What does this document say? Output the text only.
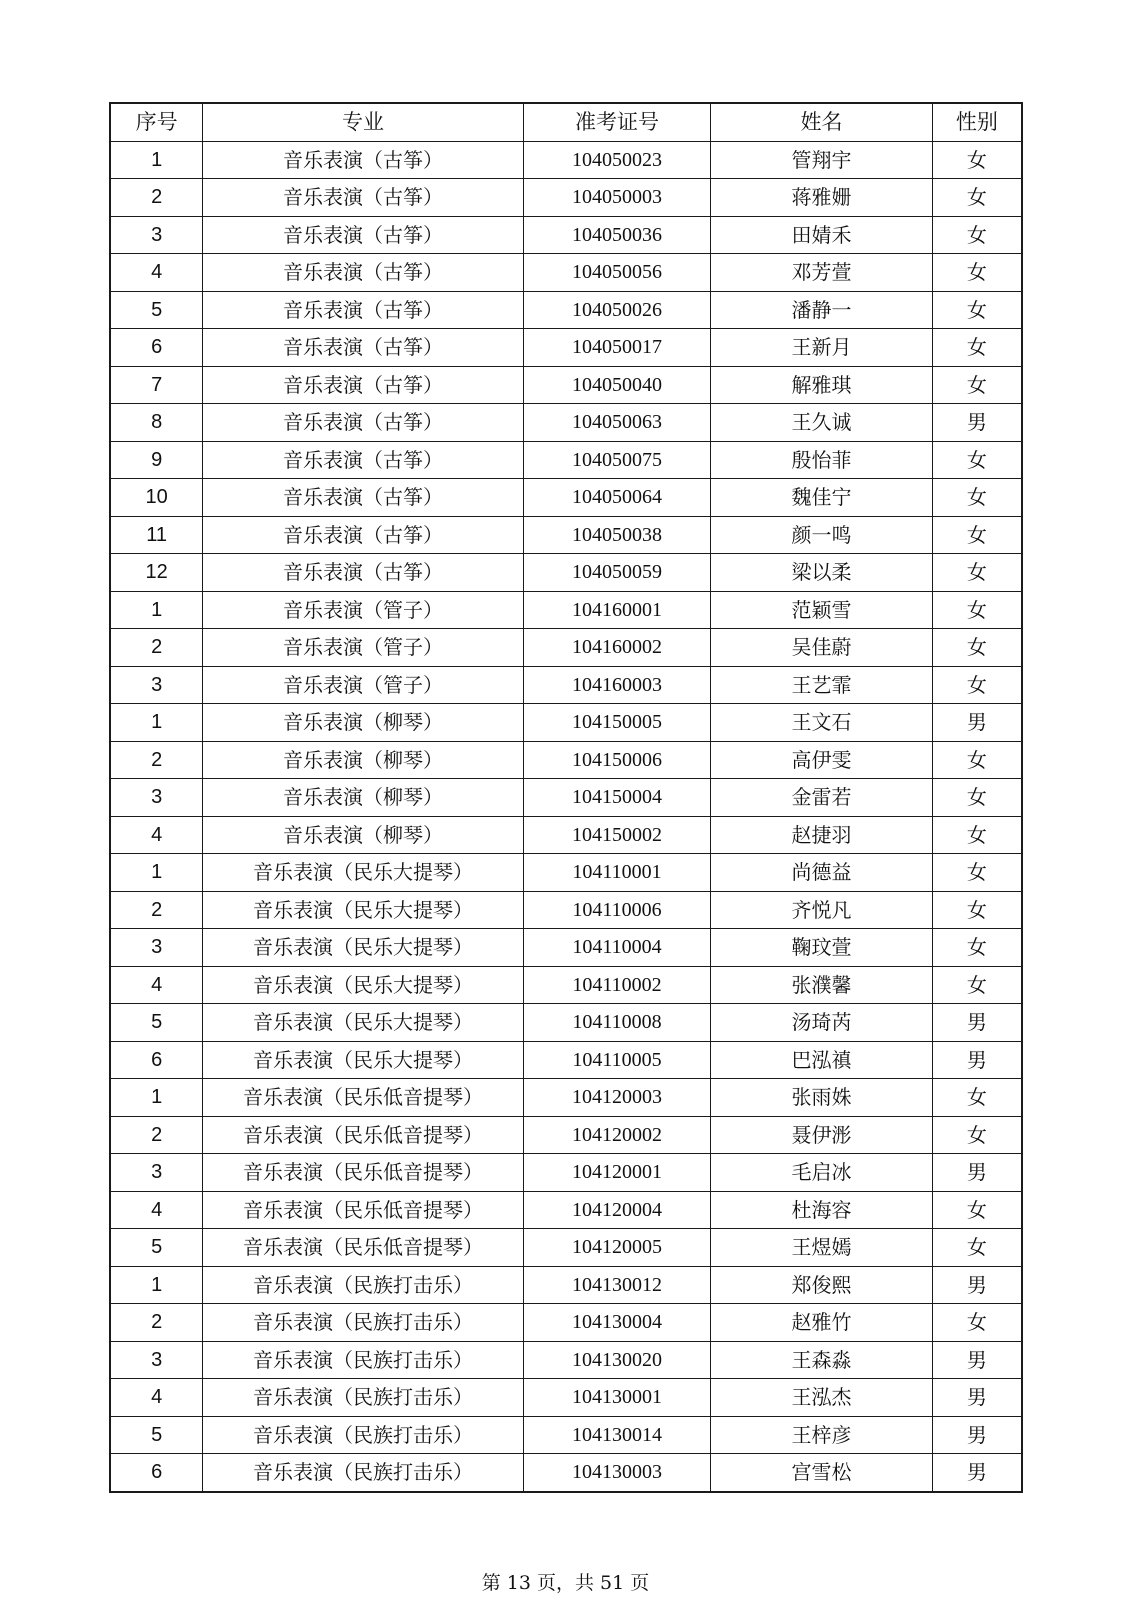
序号	专业	准考证号	姓名	性别
1	音乐表演（古筝）	104050023	管翔宇	女
2	音乐表演（古筝）	104050003	蒋雅姗	女
3	音乐表演（古筝）	104050036	田婧禾	女
4	音乐表演（古筝）	104050056	邓芳萱	女
5	音乐表演（古筝）	104050026	潘静一	女
6	音乐表演（古筝）	104050017	王新月	女
7	音乐表演（古筝）	104050040	解雅琪	女
8	音乐表演（古筝）	104050063	王久诚	男
9	音乐表演（古筝）	104050075	殷怡菲	女
10	音乐表演（古筝）	104050064	魏佳宁	女
11	音乐表演（古筝）	104050038	颜一鸣	女
12	音乐表演（古筝）	104050059	梁以柔	女
1	音乐表演（管子）	104160001	范颖雪	女
2	音乐表演（管子）	104160002	吴佳蔚	女
3	音乐表演（管子）	104160003	王艺霏	女
1	音乐表演（柳琴）	104150005	王文石	男
2	音乐表演（柳琴）	104150006	高伊雯	女
3	音乐表演（柳琴）	104150004	金雷若	女
4	音乐表演（柳琴）	104150002	赵捷羽	女
1	音乐表演（民乐大提琴）	104110001	尚德益	女
2	音乐表演（民乐大提琴）	104110006	齐悦凡	女
3	音乐表演（民乐大提琴）	104110004	鞠玟萱	女
4	音乐表演（民乐大提琴）	104110002	张濮馨	女
5	音乐表演（民乐大提琴）	104110008	汤琦芮	男
6	音乐表演（民乐大提琴）	104110005	巴泓禛	男
1	音乐表演（民乐低音提琴）	104120003	张雨姝	女
2	音乐表演（民乐低音提琴）	104120002	聂伊浵	女
3	音乐表演（民乐低音提琴）	104120001	毛启冰	男
4	音乐表演（民乐低音提琴）	104120004	杜海容	女
5	音乐表演（民乐低音提琴）	104120005	王煜嫣	女
1	音乐表演（民族打击乐）	104130012	郑俊熙	男
2	音乐表演（民族打击乐）	104130004	赵雅竹	女
3	音乐表演（民族打击乐）	104130020	王森淼	男
4	音乐表演（民族打击乐）	104130001	王泓杰	男
5	音乐表演（民族打击乐）	104130014	王梓彦	男
6	音乐表演（民族打击乐）	104130003	宫雪松	男
第 13 页，共 51 页
